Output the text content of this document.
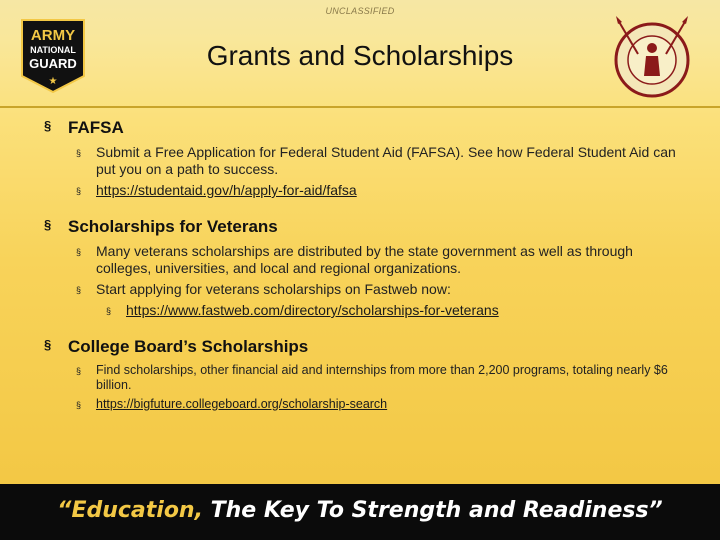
UNCLASSIFIED
ARMY
NATIONAL
GUARD
★
Grants and Scholarships
§ FAFSA
§ Submit a Free Application for Federal Student Aid (FAFSA). See how Federal Student Aid can put you on a path to success.
§ https://studentaid.gov/h/apply-for-aid/fafsa
§ Scholarships for Veterans
§ Many veterans scholarships are distributed by the state government as well as through colleges, universities, and local and regional organizations.
§ Start applying for veterans scholarships on Fastweb now:
§ https://www.fastweb.com/directory/scholarships-for-veterans
§ College Board’s Scholarships
§ Find scholarships, other financial aid and internships from more than 2,200 programs, totaling nearly $6 billion.
§ https://bigfuture.collegeboard.org/scholarship-search
“Education, The Key To Strength and Readiness”
